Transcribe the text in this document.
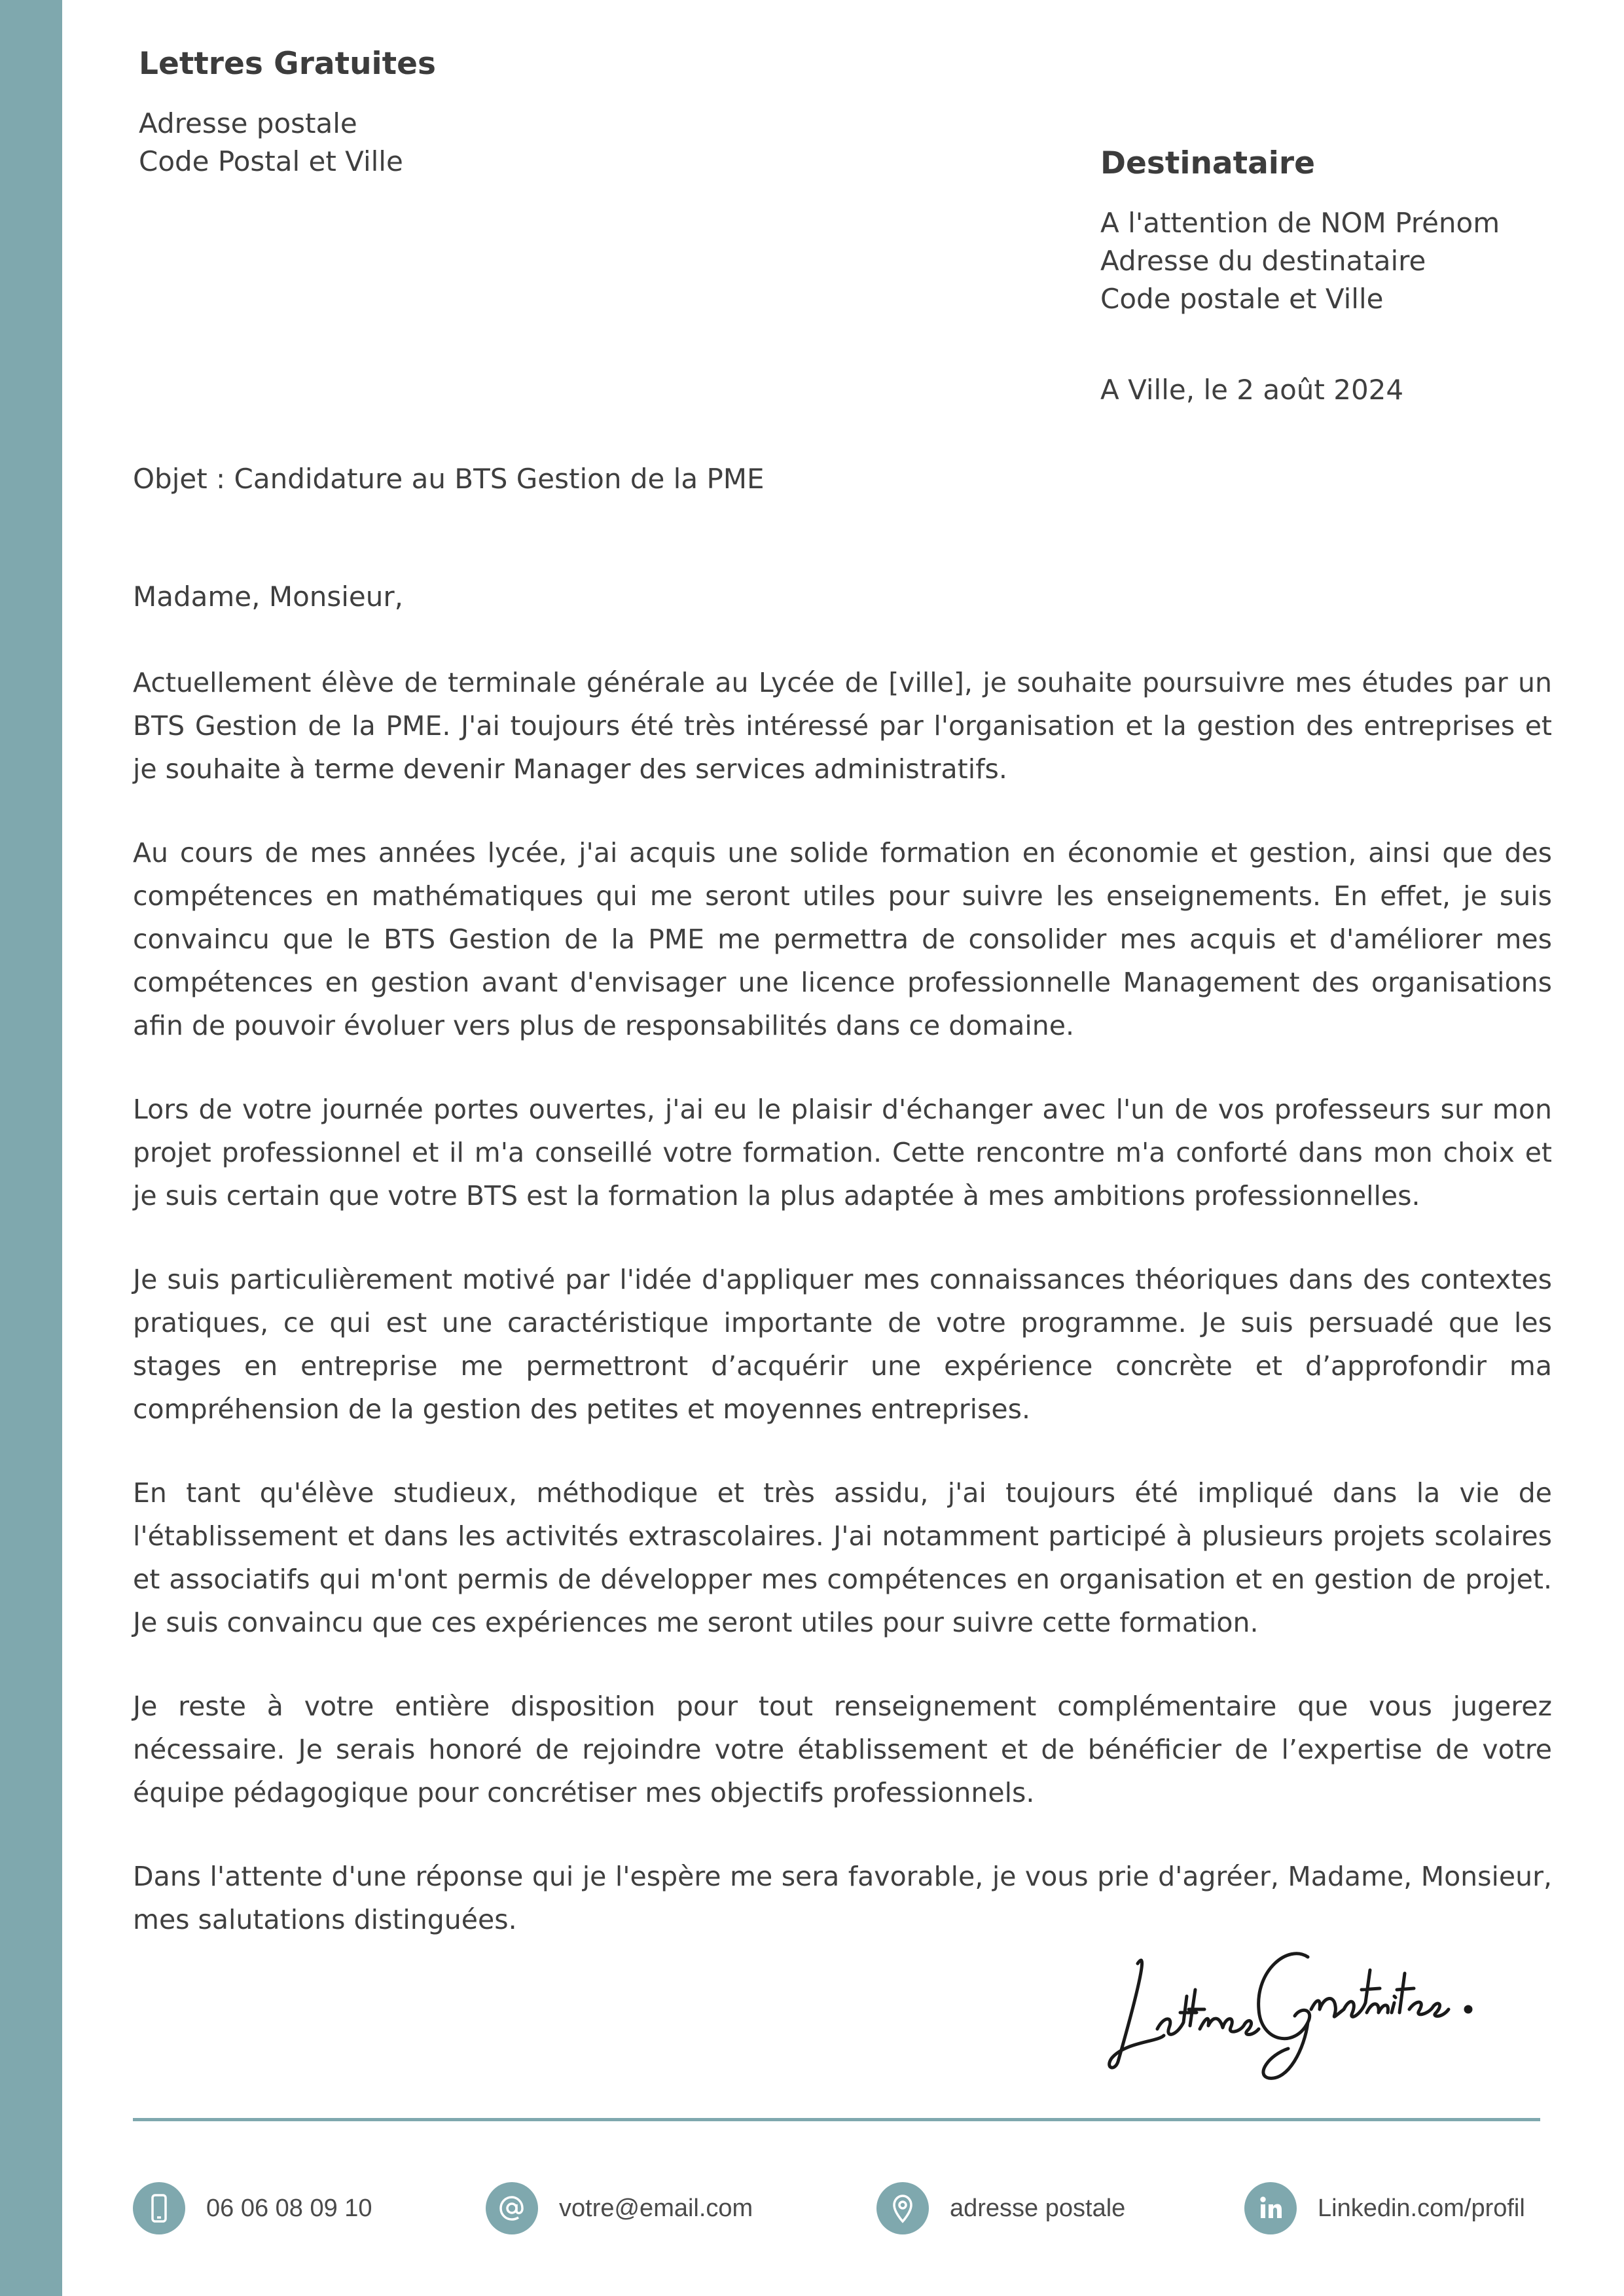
Lettres Gratuites
Adresse postale
Code Postal et Ville	Destinataire
A l'attention de NOM Prénom
Adresse du destinataire
Code postale et Ville
A Ville, le 2 août 2024
Objet : Candidature au BTS Gestion de la PME
Madame, Monsieur,

Actuellement élève de terminale générale au Lycée de [ville], je souhaite poursuivre mes études par un BTS Gestion de la PME. J'ai toujours été très intéressé par l'organisation et la gestion des entreprises et je souhaite à terme devenir Manager des services administratifs.

Au cours de mes années lycée, j'ai acquis une solide formation en économie et gestion, ainsi que des compétences en mathématiques qui me seront utiles pour suivre les enseignements. En effet, je suis convaincu que le BTS Gestion de la PME me permettra de consolider mes acquis et d'améliorer mes compétences en gestion avant d'envisager une licence professionnelle Management des organisations afin de pouvoir évoluer vers plus de responsabilités dans ce domaine.

Lors de votre journée portes ouvertes, j'ai eu le plaisir d'échanger avec l'un de vos professeurs sur mon projet professionnel et il m'a conseillé votre formation. Cette rencontre m'a conforté dans mon choix et je suis certain que votre BTS est la formation la plus adaptée à mes ambitions professionnelles.

Je suis particulièrement motivé par l'idée d'appliquer mes connaissances théoriques dans des contextes pratiques, ce qui est une caractéristique importante de votre programme. Je suis persuadé que les stages en entreprise me permettront d’acquérir une expérience concrète et d’approfondir ma compréhension de la gestion des petites et moyennes entreprises.

En tant qu'élève studieux, méthodique et très assidu, j'ai toujours été impliqué dans la vie de l'établissement et dans les activités extrascolaires. J'ai notamment participé à plusieurs projets scolaires et associatifs qui m'ont permis de développer mes compétences en organisation et en gestion de projet. Je suis convaincu que ces expériences me seront utiles pour suivre cette formation.

Je reste à votre entière disposition pour tout renseignement complémentaire que vous jugerez nécessaire. Je serais honoré de rejoindre votre établissement et de bénéficier de l’expertise de votre équipe pédagogique pour concrétiser mes objectifs professionnels.

Dans l'attente d'une réponse qui je l'espère me sera favorable, je vous prie d'agréer, Madame, Monsieur, mes salutations distinguées.

06 06 08 09 10	votre@email.com	adresse postale	Linkedin.com/profil
